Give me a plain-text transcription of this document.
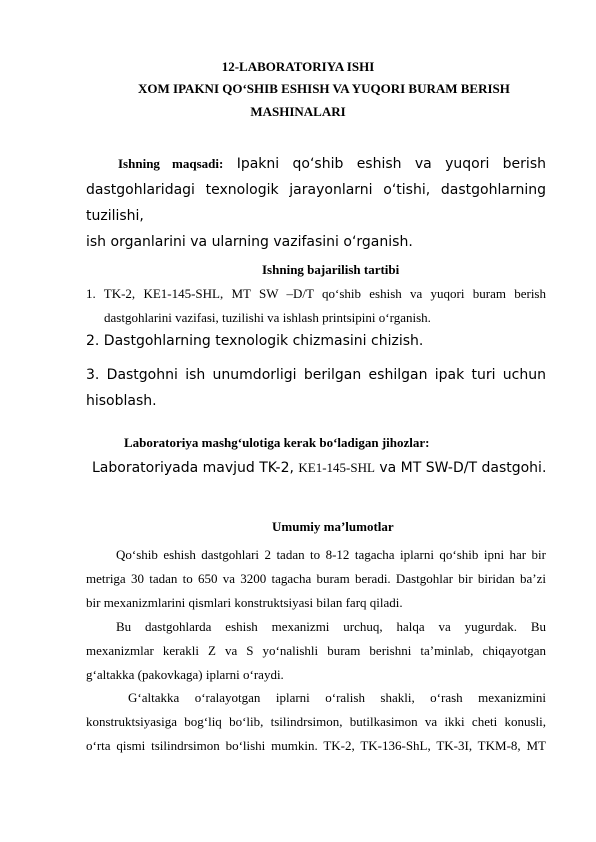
12-LABORATORIYA ISHI
XOM IPAKNI QO‘SHIB ESHISH VA YUQORI BURAM BERISH
MASHINALARI
Ishning maqsadi: Ipakni qo‘shib eshish va yuqori berish
dastgohlaridagi texnologik jarayonlarni o‘tishi, dastgohlarning tuzilishi,
ish organlarini va ularning vazifasini o‘rganish.
Ishning bajarilish tartibi
1. TK-2, KE1-145-SHL, MT SW –D/T qo‘shib eshish va yuqori buram berish
dastgohlarini vazifasi, tuzilishi va ishlash printsipini o‘rganish.
2. Dastgohlarning texnologik chizmasini chizish.
3. Dastgohni ish unumdorligi berilgan eshilgan ipak turi uchun
hisoblash.
Laboratoriya mashg‘ulotiga kerak bo‘ladigan jihozlar:
Laboratoriyada mavjud TK-2, KE1-145-SHL va MT SW-D/T dastgohi.
Umumiy ma’lumotlar
Qo‘shib eshish dastgohlari 2 tadan to 8-12 tagacha iplarni qo‘shib ipni har bir
metriga 30 tadan to 650 va 3200 tagacha buram beradi. Dastgohlar bir biridan ba’zi
bir mexanizmlarini qismlari konstruktsiyasi bilan farq qiladi.
Bu dastgohlarda eshish mexanizmi urchuq, halqa va yugurdak. Bu
mexanizmlar kerakli Z va S yo‘nalishli buram berishni ta’minlab, chiqayotgan
g‘altakka (pakovkaga) iplarni o‘raydi.
G‘altakka o‘ralayotgan iplarni o‘ralish shakli, o‘rash mexanizmini
konstruktsiyasiga bog‘liq bo‘lib, tsilindrsimon, butilkasimon va ikki cheti konusli,
o‘rta qismi tsilindrsimon bo‘lishi mumkin. TK-2, TK-136-ShL, TK-3I, TKM-8, MT
